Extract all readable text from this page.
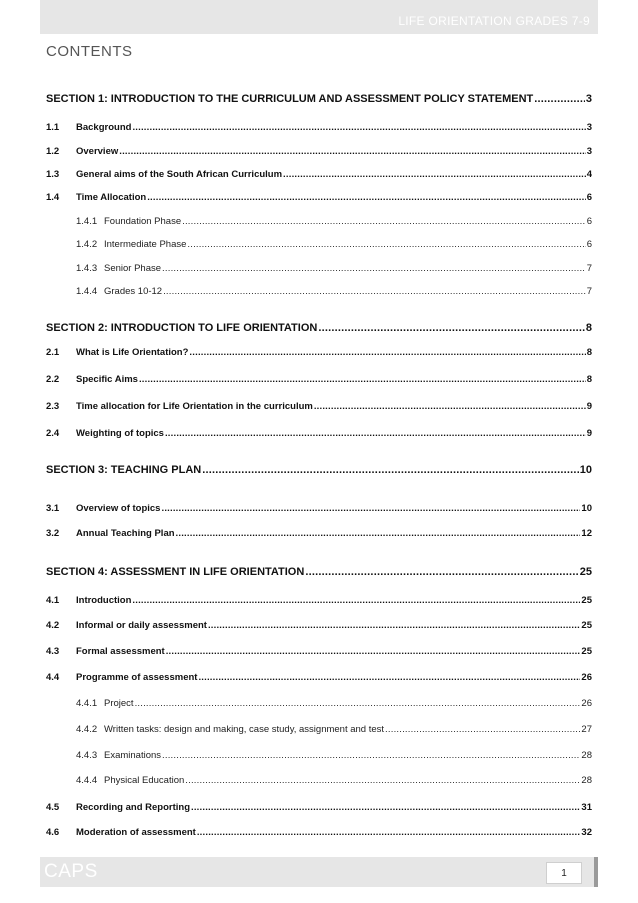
LIFE ORIENTATION GRADES 7-9
CONTENTS
SECTION 1: INTRODUCTION TO THE CURRICULUM AND ASSESSMENT POLICY STATEMENT .....	3
1.1	Background .....	3
1.2	Overview .....	3
1.3	General aims of the South African Curriculum .....	4
1.4	Time Allocation .....	6
1.4.1 Foundation Phase .....	6
1.4.2 Intermediate Phase .....	6
1.4.3 Senior Phase .....	7
1.4.4 Grades 10-12 .....	7
SECTION 2: INTRODUCTION TO LIFE ORIENTATION .....	8
2.1	What is Life Orientation? .....	8
2.2	Specific Aims .....	8
2.3	Time allocation for Life Orientation in the curriculum .....	9
2.4	Weighting of topics .....	9
SECTION 3: TEACHING PLAN .....	10
3.1	Overview of topics .....	10
3.2	Annual Teaching Plan .....	12
SECTION 4: ASSESSMENT IN LIFE ORIENTATION .....	25
4.1	Introduction .....	25
4.2	Informal or daily assessment .....	25
4.3	Formal assessment .....	25
4.4	Programme of assessment .....	26
4.4.1 Project .....	26
4.4.2 Written tasks: design and making, case study, assignment and test .....	27
4.4.3 Examinations .....	28
4.4.4 Physical Education .....	28
4.5	Recording and Reporting .....	31
4.6	Moderation of assessment .....	32
CAPS	1
